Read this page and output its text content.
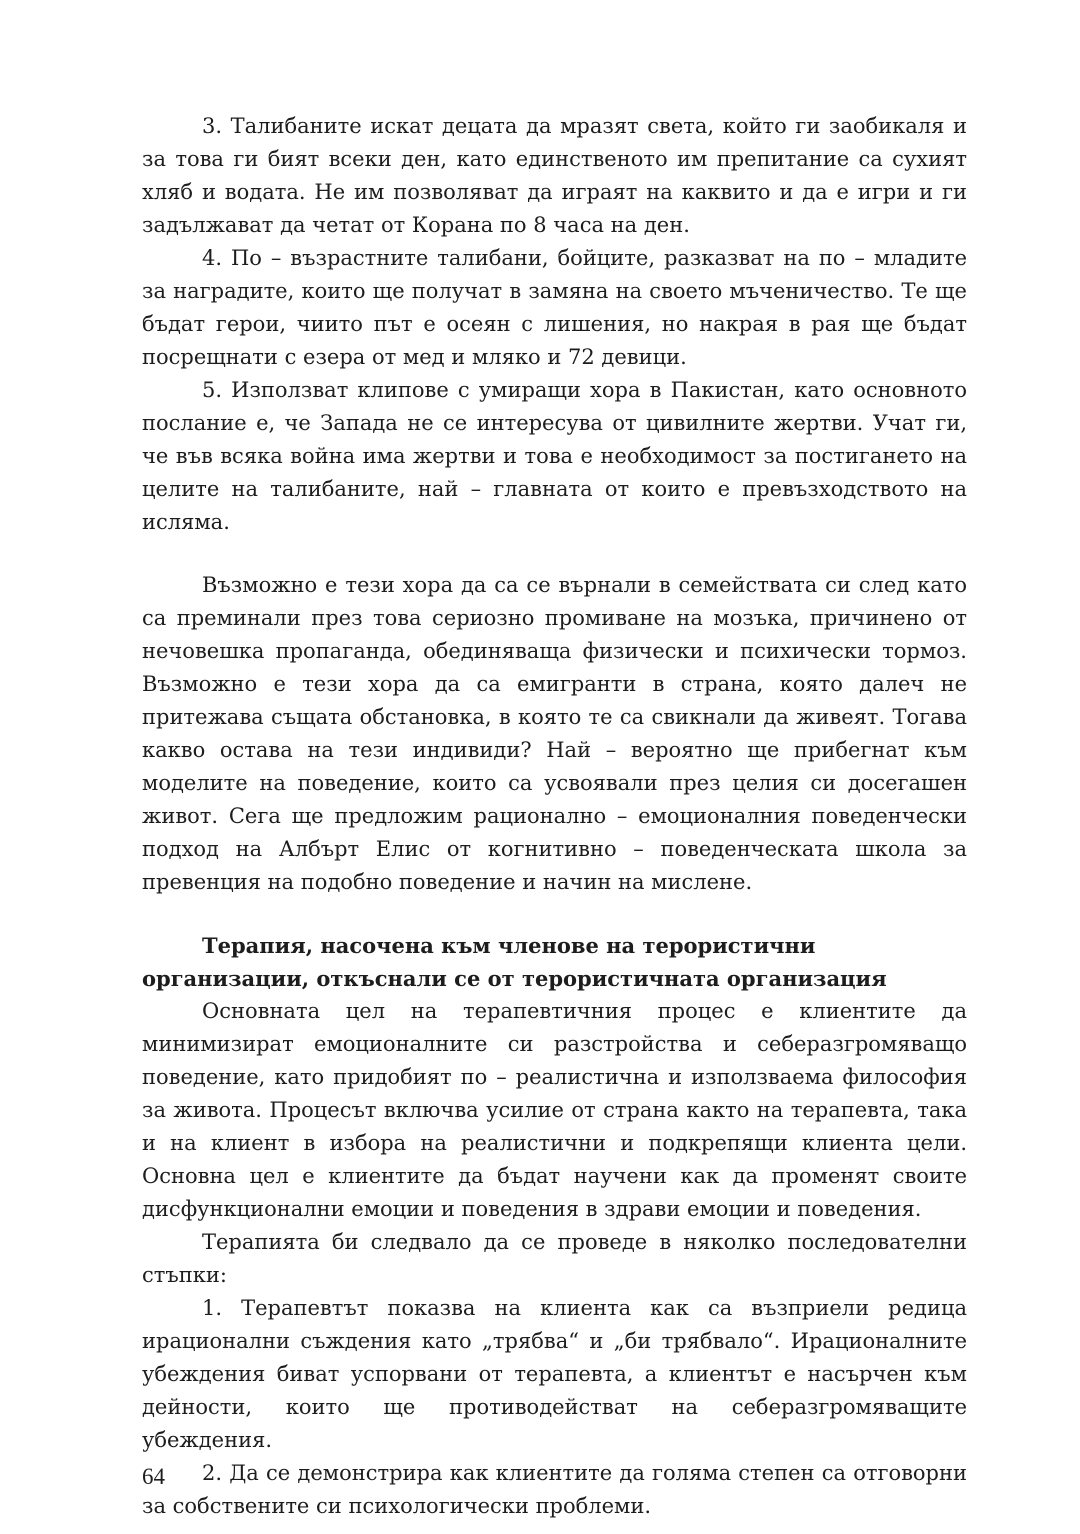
3. Талибаните искат децата да мразят света, който ги заобикаля и за това ги бият всеки ден, като единственото им препитание са сухият хляб и водата. Не им позволяват да играят на каквито и да е игри и ги задължават да четат от Корана по 8 часа на ден.

4. По – възрастните талибани, бойците, разказват на по – младите за наградите, които ще получат в замяна на своето мъченичество. Те ще бъдат герои, чиито път е осеян с лишения, но накрая в рая ще бъдат посрещнати с езера от мед и мляко и 72 девици.

5. Използват клипове с умиращи хора в Пакистан, като основното послание е, че Запада не се интересува от цивилните жертви. Учат ги, че във всяка война има жертви и това е необходимост за постигането на целите на талибаните, най – главната от които е превъзходството на исляма.

Възможно е тези хора да са се върнали в семействата си след като са преминали през това сериозно промиване на мозъка, причинено от нечовешка пропаганда, обединяваща физически и психически тормоз. Възможно е тези хора да са емигранти в страна, която далеч не притежава същата обстановка, в която те са свикнали да живеят. Тогава какво остава на тези индивиди? Най – вероятно ще прибегнат към моделите на поведение, които са усвоявали през целия си досегашен живот. Сега ще предложим рационално – емоционалния поведенчески подход на Албърт Елис от когнитивно – поведенческата школа за превенция на подобно поведение и начин на мислене.

Терапия, насочена към членове на терористични организации, откъснали се от терористичната организация

Основната цел на терапевтичния процес е клиентите да минимизират емоционалните си разстройства и себеразгромяващо поведение, като придобият по – реалистична и използваема философия за живота. Процесът включва усилие от страна както на терапевта, така и на клиент в избора на реалистични и подкрепящи клиента цели. Основна цел е клиентите да бъдат научени как да променят своите дисфункционални емоции и поведения в здрави емоции и поведения.

Терапията би следвало да се проведе в няколко последователни стъпки:

1. Терапевтът показва на клиента как са възприели редица ирационални съждения като „трябва“ и „би трябвало“. Ирационалните убеждения биват успорвани от терапевта, а клиентът е насърчен към дейности, които ще противодействат на себеразгромяващите убеждения.

2. Да се демонстрира как клиентите да голяма степен са отговорни за собствените си психологически проблеми.

64
